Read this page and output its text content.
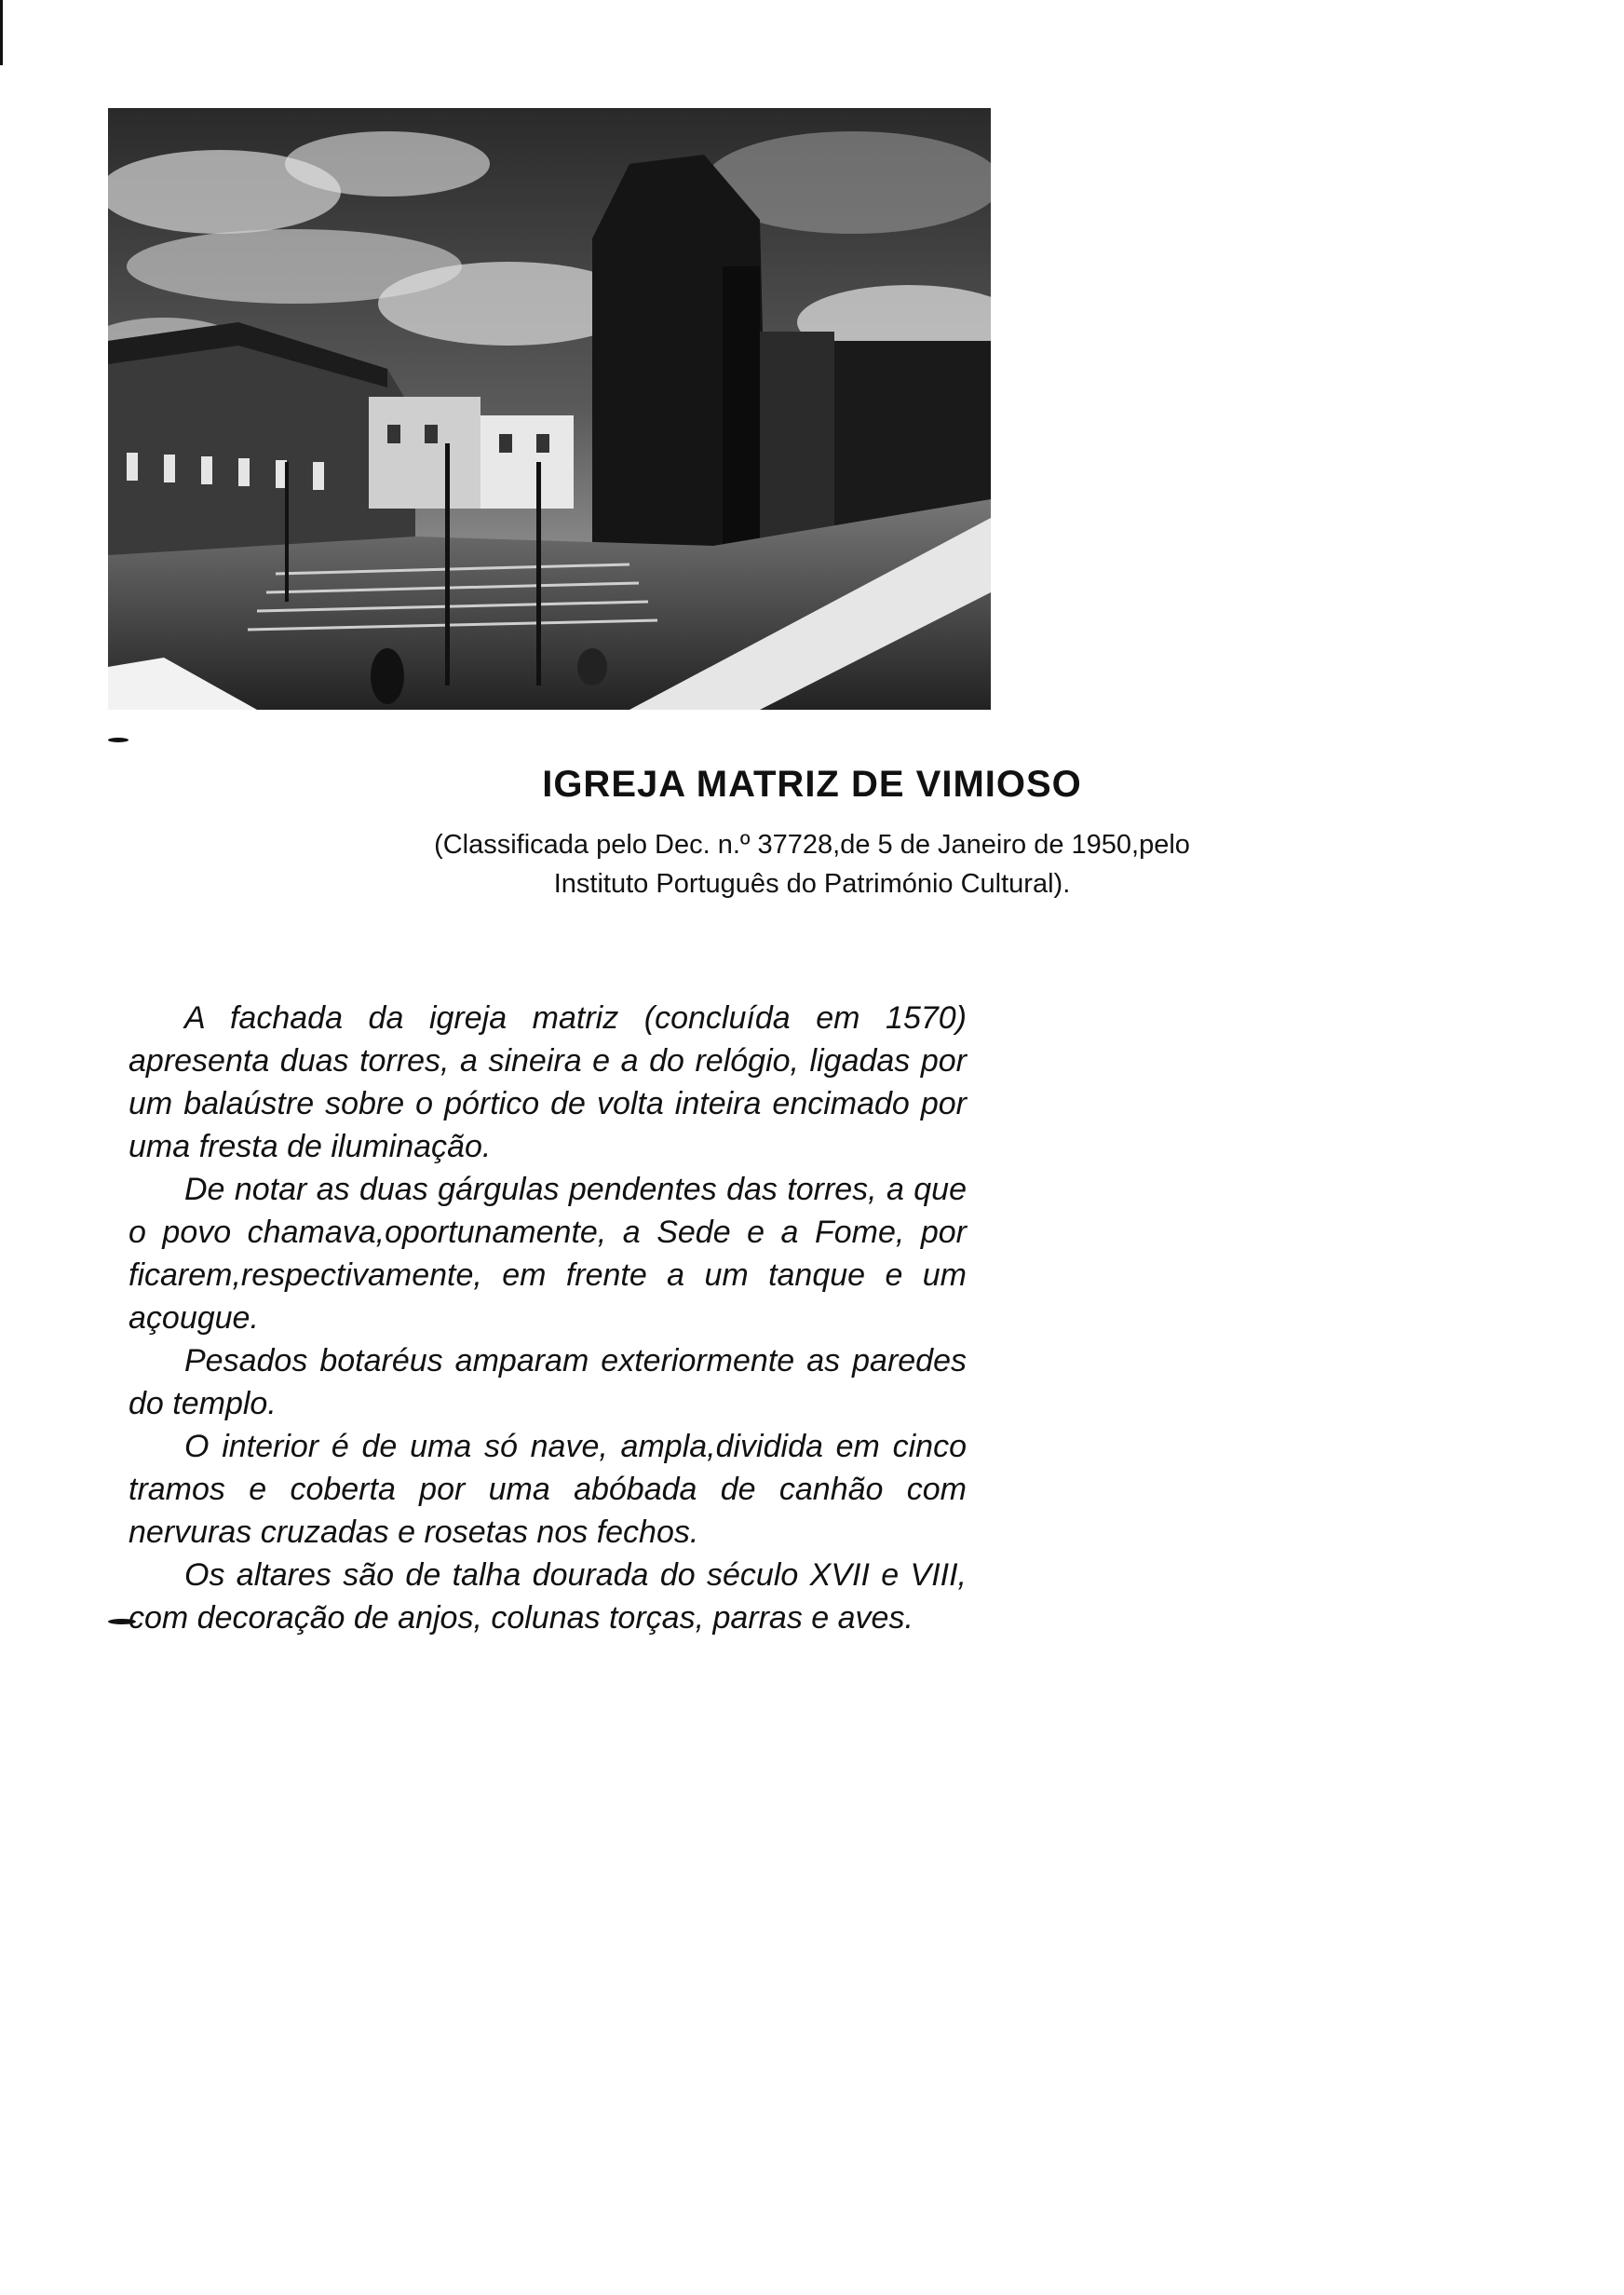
IGREJA MATRIZ DE VIMIOSO
(Classificada pelo Dec. n.º 37728,de 5 de Janeiro de 1950,pelo
Instituto Português do Património Cultural).

A fachada da igreja matriz (concluída em 1570) apresenta duas torres, a sineira e a do relógio, ligadas por um balaústre sobre o pórtico de volta inteira encimado por uma fresta de iluminação.

De notar as duas gárgulas pendentes das torres, a que o povo chamava,oportunamente, a Sede e a Fome, por ficarem,respectivamente, em frente a um tanque e um açougue.

Pesados botaréus amparam exteriormente as paredes do templo.

O interior é de uma só nave, ampla,dividida em cinco tramos e coberta por uma abóbada de canhão com nervuras cruzadas e rosetas nos fechos.

Os altares são de talha dourada do século XVII e VIII, com decoração de anjos, colunas torças, parras e aves.
